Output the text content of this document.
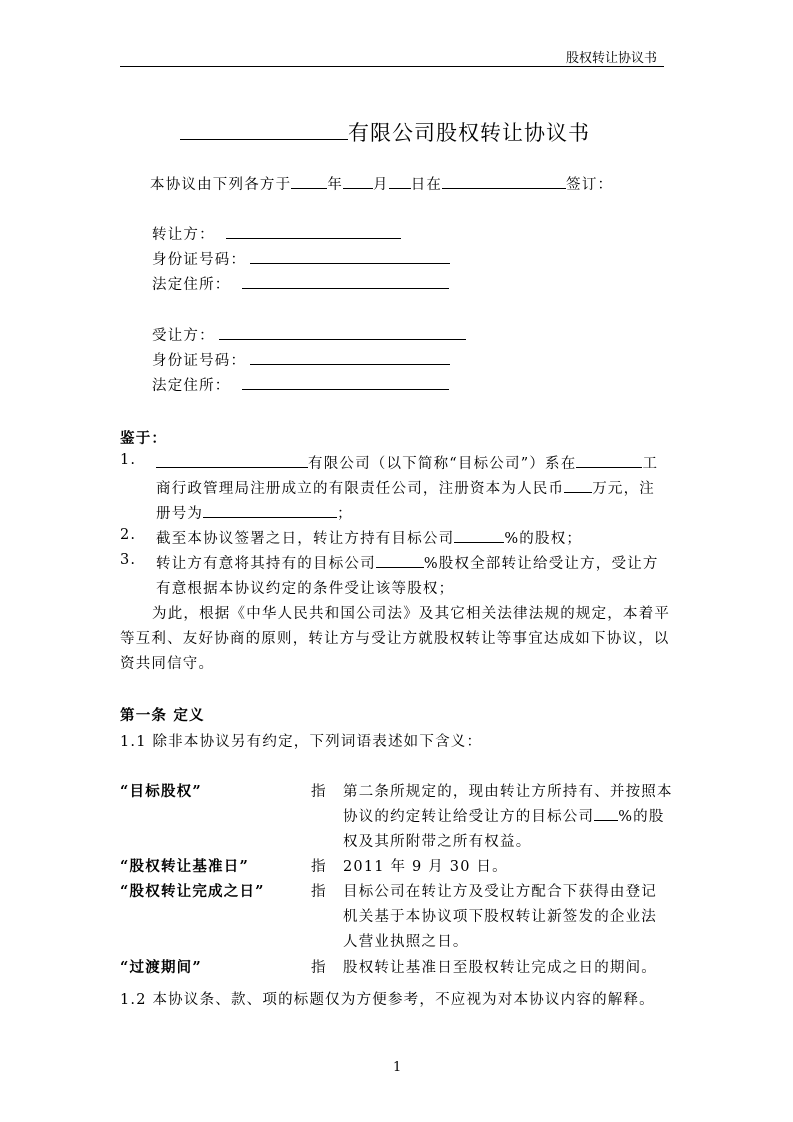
股权转让协议书
有限公司股权转让协议书
本协议由下列各方于 年 月 日在	签订：
转让方：
身份证号码：
法定住所：
受让方：
身份证号码：
法定住所：
鉴于：
1.	有限公司（以下简称“目标公司”）系在	工
商行政管理局注册成立的有限责任公司，注册资本为人民币 万元，注
册号为	；
2. 截至本协议签署之日，转让方持有目标公司	%的股权；
3. 转让方有意将其持有的目标公司	%股权全部转让给受让方，受让方
有意根据本协议约定的条件受让该等股权；
为此，根据《中华人民共和国公司法》及其它相关法律法规的规定，本着平
等互利、友好协商的原则，转让方与受让方就股权转让等事宜达成如下协议，以
资共同信守。
第一条 定义
1.1 除非本协议另有约定，下列词语表述如下含义：
“目标股权”	指 第二条所规定的，现由转让方所持有、并按照本
协议的约定转让给受让方的目标公司 %的股
权及其所附带之所有权益。
“股权转让基准日”	指 2011 年 9 月 30 日。
“股权转让完成之日”	指 目标公司在转让方及受让方配合下获得由登记
机关基于本协议项下股权转让新签发的企业法
人营业执照之日。
“过渡期间”	指 股权转让基准日至股权转让完成之日的期间。
1.2 本协议条、款、项的标题仅为方便参考，不应视为对本协议内容的解释。
1
